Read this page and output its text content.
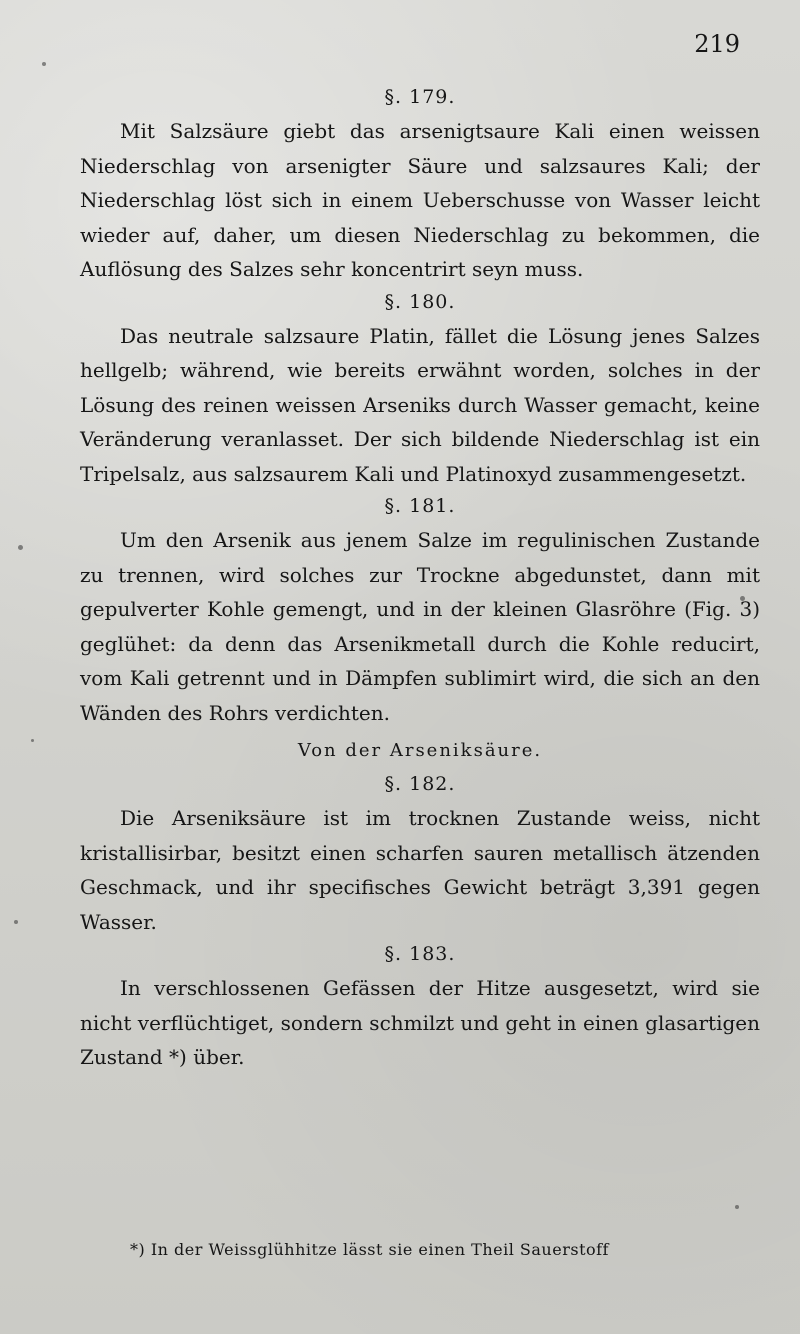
219
§. 179.

Mit Salzsäure giebt das arsenigtsaure Kali einen weissen Niederschlag von arsenigter Säure und salzsaures Kali; der Niederschlag löst sich in einem Ueberschusse von Wasser leicht wieder auf, daher, um diesen Niederschlag zu bekommen, die Auflösung des Salzes sehr koncentrirt seyn muss.

§. 180.

Das neutrale salzsaure Platin, fället die Lösung jenes Salzes hellgelb; während, wie bereits erwähnt worden, solches in der Lösung des reinen weissen Arseniks durch Wasser gemacht, keine Veränderung veranlasset. Der sich bildende Niederschlag ist ein Tripelsalz, aus salzsaurem Kali und Platinoxyd zusammengesetzt.

§. 181.

Um den Arsenik aus jenem Salze im regulinischen Zustande zu trennen, wird solches zur Trockne abgedunstet, dann mit gepulverter Kohle gemengt, und in der kleinen Glasröhre (Fig. 3) geglühet: da denn das Arsenikmetall durch die Kohle reducirt, vom Kali getrennt und in Dämpfen sublimirt wird, die sich an den Wänden des Rohrs verdichten.

Von der Arseniksäure.
§. 182.

Die Arseniksäure ist im trocknen Zustande weiss, nicht kristallisirbar, besitzt einen scharfen sauren metallisch ätzenden Geschmack, und ihr specifisches Gewicht beträgt 3,391 gegen Wasser.

§. 183.

In verschlossenen Gefässen der Hitze ausgesetzt, wird sie nicht verflüchtiget, sondern schmilzt und geht in einen glasartigen Zustand *) über.

*) In der Weissglühhitze lässt sie einen Theil Sauerstoff
